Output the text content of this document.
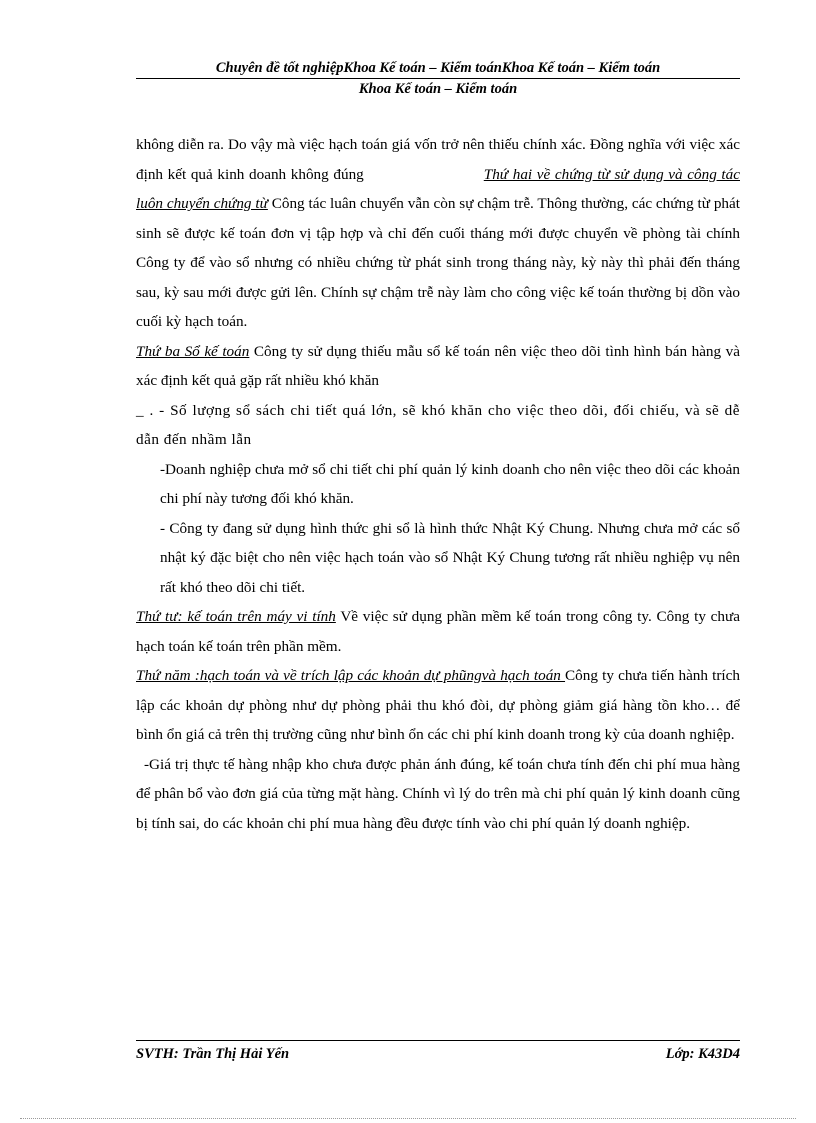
Chuyên đề tốt nghiệpKhoa Kế toán – Kiểm toánKhoa Kế toán – Kiểm toán
Khoa Kế toán – Kiểm toán

không diễn ra. Do vậy mà việc hạch toán giá vốn trở nên thiếu chính xác. Đồng nghĩa với việc xác định kết quả kinh doanh không đúng	Thứ hai về chứng từ sử dụng và công tác luôn chuyển chứng từ Công tác luân chuyển vẫn còn sự chậm trễ. Thông thường, các chứng từ phát sinh sẽ được kế toán đơn vị tập hợp và chỉ đến cuối tháng mới được chuyển về phòng tài chính Công ty để vào sổ nhưng có nhiều chứng từ phát sinh trong tháng này, kỳ này thì phải đến tháng sau, kỳ sau mới được gửi lên. Chính sự chậm trễ này làm cho công việc kế toán thường bị dồn vào cuối kỳ hạch toán.

Thứ ba Sổ kế toán Công ty sử dụng thiếu mẫu sổ kế toán nên việc theo dõi tình hình bán hàng và xác định kết quả gặp rất nhiều khó khăn

_ . - Số lượng sổ sách chi tiết quá lớn, sẽ khó khăn cho việc theo dõi, đối chiếu, và sẽ dễ dẫn đến nhầm lẫn

-Doanh nghiệp chưa mở sổ chi tiết chi phí quản lý kinh doanh cho nên việc theo dõi các khoản chi phí này tương đối khó khăn.

- Công ty đang sử dụng hình thức ghi sổ là hình thức Nhật Ký Chung. Nhưng chưa mở các sổ nhật ký đặc biệt cho nên việc hạch toán vào sổ Nhật Ký Chung tương rất nhiều nghiệp vụ nên rất khó theo dõi chi tiết.

Thứ tư: kế toán trên máy vi tính Về việc sử dụng phần mềm kế toán trong công ty. Công ty chưa hạch toán kế toán trên phần mềm.

Thứ năm :hạch toán và về trích lập các khoản dự phũngvà hạch toán Công ty chưa tiến hành trích lập các khoản dự phòng như dự phòng phải thu khó đòi, dự phòng giảm giá hàng tồn kho… để bình ổn giá cả trên thị trường cũng như bình ổn các chi phí kinh doanh trong kỳ của doanh nghiệp.

-Giá trị thực tế hàng nhập kho chưa được phản ánh đúng, kế toán chưa tính đến chi phí mua hàng để phân bổ vào đơn giá của từng mặt hàng. Chính vì lý do trên mà chi phí quản lý kinh doanh cũng bị tính sai, do các khoản chi phí mua hàng đều được tính vào chi phí quản lý doanh nghiệp.

SVTH: Trần Thị Hải Yến	Lớp: K43D4
